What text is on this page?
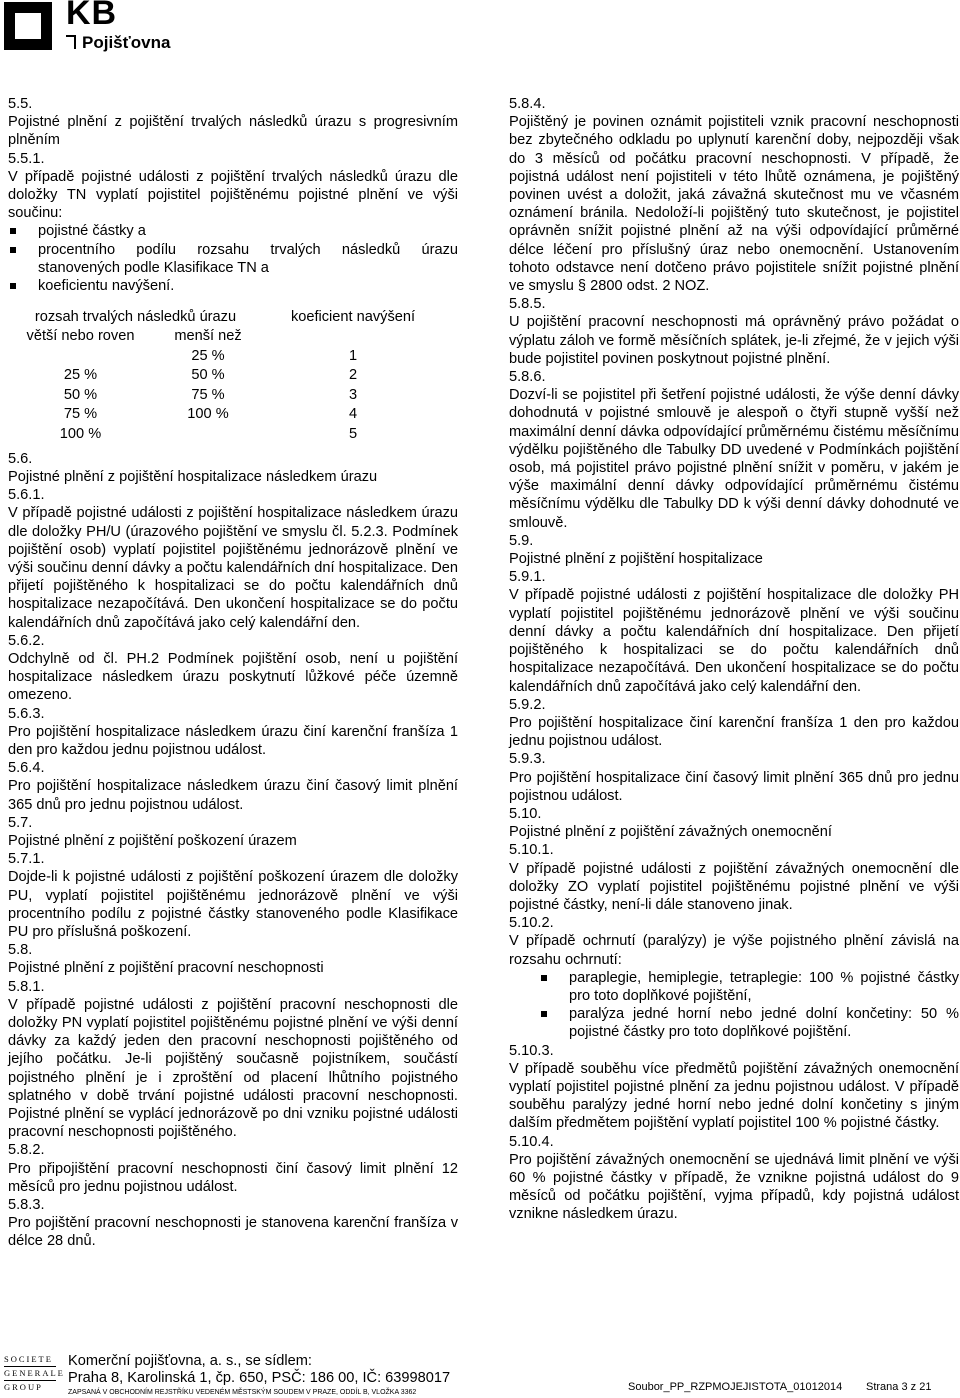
KB
Pojišťovna

5.5.

Pojistné plnění z pojištění trvalých následků úrazu s progresivním plněním

5.5.1.

V případě pojistné události z pojištění trvalých následků úrazu dle doložky TN vyplatí pojistitel pojištěnému pojistné plnění ve výši součinu:

pojistné částky a
procentního podílu rozsahu trvalých následků úrazu stanovených podle Klasifikace TN a
koeficientu navýšení.
rozsah trvalých následků úrazu		koeficient navýšení
větší nebo roven	menší než	
	25 %	1
25 %	50 %	2
50 %	75 %	3
75 %	100 %	4
100 %		5

5.6.

Pojistné plnění z pojištění hospitalizace následkem úrazu

5.6.1.

V případě pojistné události z pojištění hospitalizace následkem úrazu dle doložky PH/U (úrazového pojištění ve smyslu čl. 5.2.3. Podmínek pojištění osob) vyplatí pojistitel pojištěnému jednorázově plnění ve výši součinu denní dávky a počtu kalendářních dní hospitalizace. Den přijetí pojištěného k hospitalizaci se do počtu kalendářních dnů hospitalizace nezapočítává. Den ukončení hospitalizace se do počtu kalendářních dnů započítává jako celý kalendářní den.

5.6.2.

Odchylně od čl. PH.2 Podmínek pojištění osob, není u pojištění hospitalizace následkem úrazu poskytnutí lůžkové péče územně omezeno.

5.6.3.

Pro pojištění hospitalizace následkem úrazu činí karenční franšíza 1 den pro každou jednu pojistnou událost.

5.6.4.

Pro pojištění hospitalizace následkem úrazu činí časový limit plnění 365 dnů pro jednu pojistnou událost.

5.7.

Pojistné plnění z pojištění poškození úrazem

5.7.1.

Dojde-li k pojistné události z pojištění poškození úrazem dle doložky PU, vyplatí pojistitel pojištěnému jednorázově plnění ve výši procentního podílu z pojistné částky stanoveného podle Klasifikace PU pro příslušná poškození.

5.8.

Pojistné plnění z pojištění pracovní neschopnosti

5.8.1.

V případě pojistné události z pojištění pracovní neschopnosti dle doložky PN vyplatí pojistitel pojištěnému pojistné plnění ve výši denní dávky za každý jeden den pracovní neschopnosti pojištěného od jejího počátku. Je-li pojištěný současně pojistníkem, součástí pojistného plnění je i zproštění od placení lhůtního pojistného splatného v době trvání pojistné události pracovní neschopnosti. Pojistné plnění se vyplácí jednorázově po dni vzniku pojistné události pracovní neschopnosti pojištěného.

5.8.2.

Pro připojištění pracovní neschopnosti činí časový limit plnění 12 měsíců pro jednu pojistnou událost.

5.8.3.

Pro pojištění pracovní neschopnosti je stanovena karenční franšíza v délce 28 dnů.

5.8.4.

Pojištěný je povinen oznámit pojistiteli vznik pracovní neschopnosti bez zbytečného odkladu po uplynutí karenční doby, nejpozději však do 3 měsíců od počátku pracovní neschopnosti. V případě, že pojistná událost není pojistiteli v této lhůtě oznámena, je pojištěný povinen uvést a doložit, jaká závažná skutečnost mu ve včasném oznámení bránila. Nedoloží-li pojištěný tuto skutečnost, je pojistitel oprávněn snížit pojistné plnění až na výši odpovídající průměrné délce léčení pro příslušný úraz nebo onemocnění. Ustanovením tohoto odstavce není dotčeno právo pojistitele snížit pojistné plnění ve smyslu § 2800 odst. 2 NOZ.

5.8.5.

U pojištění pracovní neschopnosti má oprávněný právo požádat o výplatu záloh ve formě měsíčních splátek, je-li zřejmé, že v jejich výši bude pojistitel povinen poskytnout pojistné plnění.

5.8.6.

Dozví-li se pojistitel při šetření pojistné události, že výše denní dávky dohodnutá v pojistné smlouvě je alespoň o čtyři stupně vyšší než maximální denní dávka odpovídající průměrnému čistému měsíčnímu výdělku pojištěného dle Tabulky DD uvedené v Podmínkách pojištění osob, má pojistitel právo pojistné plnění snížit v poměru, v jakém je výše maximální denní dávky odpovídající průměrnému čistému měsíčnímu výdělku dle Tabulky DD k výši denní dávky dohodnuté ve smlouvě.

5.9.

Pojistné plnění z pojištění hospitalizace

5.9.1.

V případě pojistné události z pojištění hospitalizace dle doložky PH vyplatí pojistitel pojištěnému jednorázově plnění ve výši součinu denní dávky a počtu kalendářních dní hospitalizace. Den přijetí pojištěného k hospitalizaci se do počtu kalendářních dnů hospitalizace nezapočítává. Den ukončení hospitalizace se do počtu kalendářních dnů započítává jako celý kalendářní den.

5.9.2.

Pro pojištění hospitalizace činí karenční franšíza 1 den pro každou jednu pojistnou událost.

5.9.3.

Pro pojištění hospitalizace činí časový limit plnění 365 dnů pro jednu pojistnou událost.

5.10.

Pojistné plnění z pojištění závažných onemocnění

5.10.1.

V případě pojistné události z pojištění závažných onemocnění dle doložky ZO vyplatí pojistitel pojištěnému pojistné plnění ve výši pojistné částky, není-li dále stanoveno jinak.

5.10.2.

V případě ochrnutí (paralýzy) je výše pojistného plnění závislá na rozsahu ochrnutí:

paraplegie, hemiplegie, tetraplegie: 100 % pojistné částky pro toto doplňkové pojištění,
paralýza jedné horní nebo jedné dolní končetiny: 50 % pojistné částky pro toto doplňkové pojištění.

5.10.3.

V případě souběhu více předmětů pojištění závažných onemocnění vyplatí pojistitel pojistné plnění za jednu pojistnou událost. V případě souběhu paralýzy jedné horní nebo jedné dolní končetiny s jiným dalším předmětem pojištění vyplatí pojistitel 100 % pojistné částky.

5.10.4.

Pro pojištění závažných onemocnění se ujednává limit plnění ve výši 60 % pojistné částky v případě, že vznikne pojistná událost do 9 měsíců od počátku pojištění, vyjma případů, kdy pojistná událost vznikne následkem úrazu.

SOCIETE
GENERALE
GROUP
Komerční pojišťovna, a. s., se sídlem:
Praha 8, Karolinská 1, čp. 650, PSČ: 186 00, IČ: 63998017
ZAPSANÁ V OBCHODNÍM REJSTŘÍKU VEDENÉM MĚSTSKÝM SOUDEM V PRAZE, ODDÍL B, VLOŽKA 3362	Soubor_PP_RZPMOJEJISTOTA_01012014 Strana 3 z 21
